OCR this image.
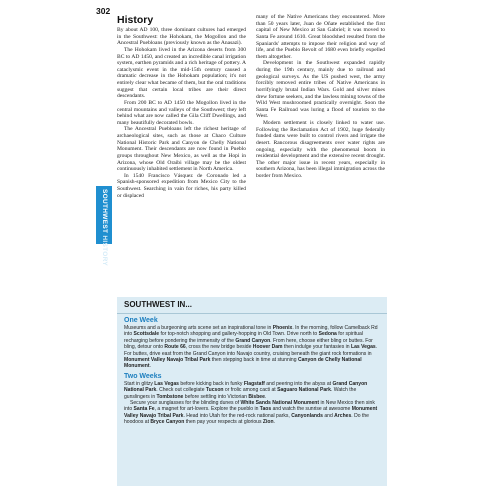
302
SOUTHWEST HISTORY
History

By about AD 100, three dominant cultures had emerged in the Southwest: the Hohokam, the Mogollon and the Ancestral Puebloans (previously known as the Anasazi).

The Hohokam lived in the Arizona deserts from 300 BC to AD 1450, and created an incredible canal irrigation system, earthen pyramids and a rich heritage of pottery. A cataclysmic event in the mid-15th century caused a dramatic decrease in the Hohokam population; it's not entirely clear what became of them, but the oral traditions suggest that certain local tribes are their direct descendants.

From 200 BC to AD 1450 the Mogollon lived in the central mountains and valleys of the Southwest; they left behind what are now called the Gila Cliff Dwellings, and many beautifully decorated bowls.

The Ancestral Puebloans left the richest heritage of archaeological sites, such as those at Chaco Culture National Historic Park and Canyon de Chelly National Monument. Their descendants are now found in Pueblo groups throughout New Mexico, as well as the Hopi in Arizona, whose Old Oraibi village may be the oldest continuously inhabited settlement in North America.

In 1540 Francisco Vásquez de Coronado led a Spanish-sponsored expedition from Mexico City to the Southwest. Searching in vain for riches, his party killed or displaced

many of the Native Americans they encountered. More than 50 years later, Juan de Oñate established the first capital of New Mexico at San Gabriel; it was moved to Santa Fe around 1610. Great bloodshed resulted from the Spaniards' attempts to impose their religion and way of life, and the Pueblo Revolt of 1680 even briefly expelled them altogether.

Development in the Southwest expanded rapidly during the 19th century, mainly due to railroad and geological surveys. As the US pushed west, the army forcibly removed entire tribes of Native Americans in horrifyingly brutal Indian Wars. Gold and silver mines drew fortune seekers, and the lawless mining towns of the Wild West mushroomed practically overnight. Soon the Santa Fe Railroad was luring a flood of tourists to the West.

Modern settlement is closely linked to water use. Following the Reclamation Act of 1902, huge federally funded dams were built to control rivers and irrigate the desert. Rancorous disagreements over water rights are ongoing, especially with the phenomenal boom in residential development and the extensive recent drought. The other major issue in recent years, especially in southern Arizona, has been illegal immigration across the border from Mexico.

SOUTHWEST IN...
One Week

Museums and a burgeoning arts scene set an inspirational tone in Phoenix. In the morning, follow Camelback Rd into Scottsdale for top-notch shopping and gallery-hopping in Old Town. Drive north to Sedona for spiritual recharging before pondering the immensity of the Grand Canyon. From here, choose either bling or buttes. For bling, detour onto Route 66, cross the new bridge beside Hoover Dam then indulge your fantasies in Las Vegas. For buttes, drive east from the Grand Canyon into Navajo country, cruising beneath the giant rock formations in Monument Valley Navajo Tribal Park then stepping back in time at stunning Canyon de Chelly National Monument.

Two Weeks

Start in glitzy Las Vegas before kicking back in funky Flagstaff and peering into the abyss at Grand Canyon National Park. Check out collegiate Tucson or frolic among cacti at Saguaro National Park. Watch the gunslingers in Tombstone before settling into Victorian Bisbee.

Secure your sunglasses for the blinding dunes of White Sands National Monument in New Mexico then sink into Santa Fe, a magnet for art-lovers. Explore the pueblo in Taos and watch the sunrise at awesome Monument Valley Navajo Tribal Park. Head into Utah for the red-rock national parks, Canyonlands and Arches. Do the hoodoos at Bryce Canyon then pay your respects at glorious Zion.
